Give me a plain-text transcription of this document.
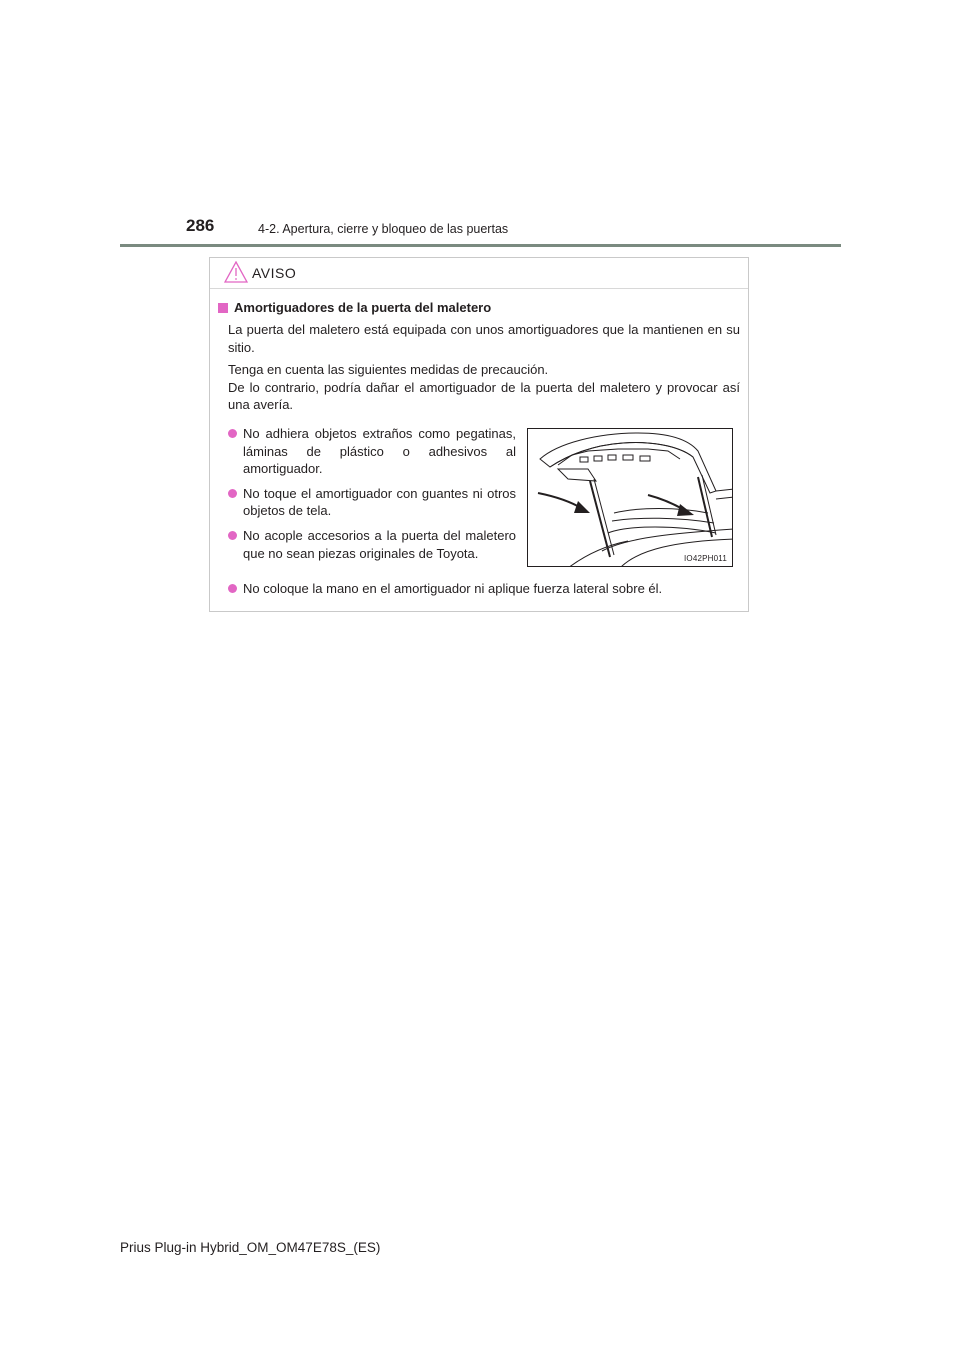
286	4-2. Apertura, cierre y bloqueo de las puertas
AVISO
Amortiguadores de la puerta del maletero
La puerta del maletero está equipada con unos amortiguadores que la mantienen en su sitio.
Tenga en cuenta las siguientes medidas de precaución.
De lo contrario, podría dañar el amortiguador de la puerta del maletero y provocar así una avería.
No adhiera objetos extraños como pegatinas, láminas de plástico o adhesivos al amortiguador.
No toque el amortiguador con guantes ni otros objetos de tela.
No acople accesorios a la puerta del maletero que no sean piezas originales de Toyota.	IO42PH011
No coloque la mano en el amortiguador ni aplique fuerza lateral sobre él.
Prius Plug-in Hybrid_OM_OM47E78S_(ES)
